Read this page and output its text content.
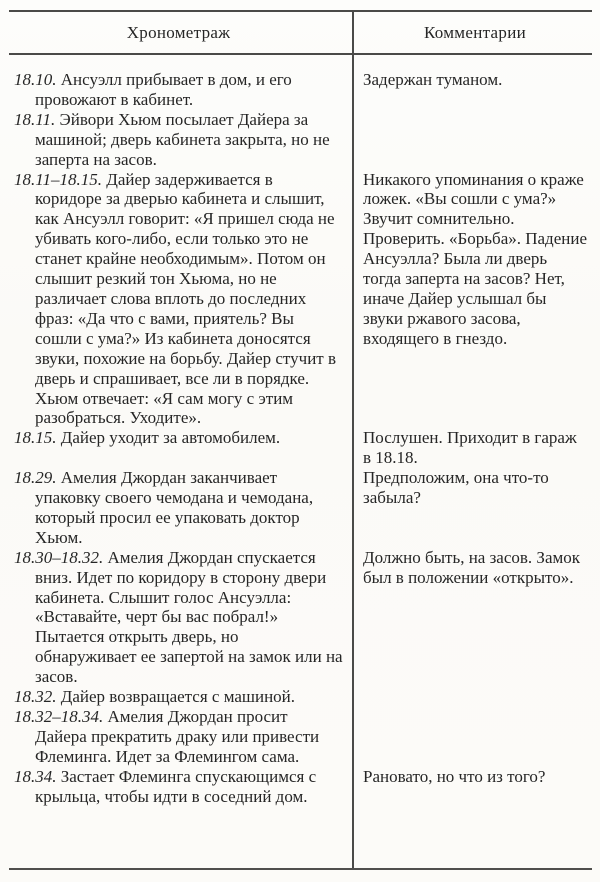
Хронометраж	Комментарии

18.10. Ансуэлл прибывает в дом, и его провожают в кабинет.

Задержан туманом.

18.11. Эйвори Хьюм посылает Дайера за машиной; дверь кабинета закрыта, но не заперта на засов.

18.11–18.15. Дайер задерживается в коридоре за дверью кабинета и слышит, как Ансуэлл говорит: «Я пришел сюда не убивать кого-либо, если только это не станет крайне необходимым». Потом он слышит резкий тон Хьюма, но не различает слова вплоть до последних фраз: «Да что с вами, приятель? Вы сошли с ума?» Из кабинета доносятся звуки, похожие на борьбу. Дайер стучит в дверь и спрашивает, все ли в порядке. Хьюм отвечает: «Я сам могу с этим разобраться. Уходите».

Никакого упоминания о краже ложек. «Вы сошли с ума?» Звучит сомнительно. Проверить. «Борьба». Падение Ансуэлла? Была ли дверь тогда заперта на засов? Нет, иначе Дайер услышал бы звуки ржавого засова, входящего в гнездо.

18.15. Дайер уходит за автомобилем.	Послушен. Приходит в гараж в 18.18.

18.29. Амелия Джордан заканчивает упаковку своего чемодана и чемодана, который просил ее упаковать доктор Хьюм.

Предположим, она что-то забыла?

18.30–18.32. Амелия Джордан спускается вниз. Идет по коридору в сторону двери кабинета. Слышит голос Ансуэлла: «Вставайте, черт бы вас побрал!» Пытается открыть дверь, но обнаруживает ее запертой на замок или на засов.

Должно быть, на засов. Замок был в положении «открыто».

18.32. Дайер возвращается с машиной.

18.32–18.34. Амелия Джордан просит Дайера прекратить драку или привести Флеминга. Идет за Флемингом сама.

18.34. Застает Флеминга спускающимся с крыльца, чтобы идти в соседний дом.

Рановато, но что из того?
